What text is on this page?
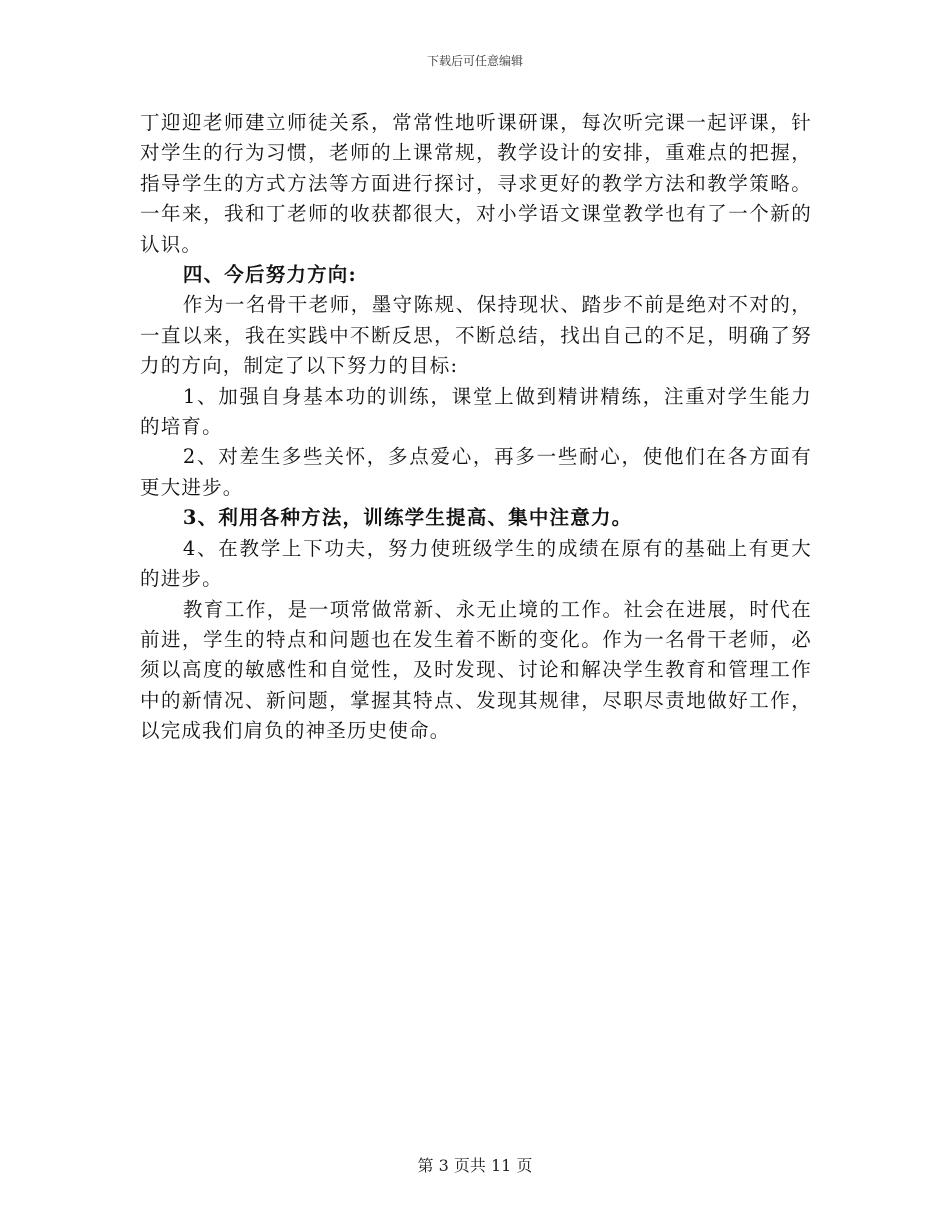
下载后可任意编辑

丁迎迎老师建立师徒关系，常常性地听课研课，每次听完课一起评课，针对学生的行为习惯，老师的上课常规，教学设计的安排，重难点的把握，指导学生的方式方法等方面进行探讨，寻求更好的教学方法和教学策略。一年来，我和丁老师的收获都很大，对小学语文课堂教学也有了一个新的认识。

四、今后努力方向:

作为一名骨干老师，墨守陈规、保持现状、踏步不前是绝对不对的，一直以来，我在实践中不断反思，不断总结，找出自己的不足，明确了努力的方向，制定了以下努力的目标:

1、加强自身基本功的训练，课堂上做到精讲精练，注重对学生能力的培育。

2、对差生多些关怀，多点爱心，再多一些耐心，使他们在各方面有更大进步。

3、利用各种方法，训练学生提高、集中注意力。

4、在教学上下功夫，努力使班级学生的成绩在原有的基础上有更大的进步。

教育工作，是一项常做常新、永无止境的工作。社会在进展，时代在前进，学生的特点和问题也在发生着不断的变化。作为一名骨干老师，必须以高度的敏感性和自觉性，及时发现、讨论和解决学生教育和管理工作中的新情况、新问题，掌握其特点、发现其规律，尽职尽责地做好工作，以完成我们肩负的神圣历史使命。

第 3 页共 11 页
